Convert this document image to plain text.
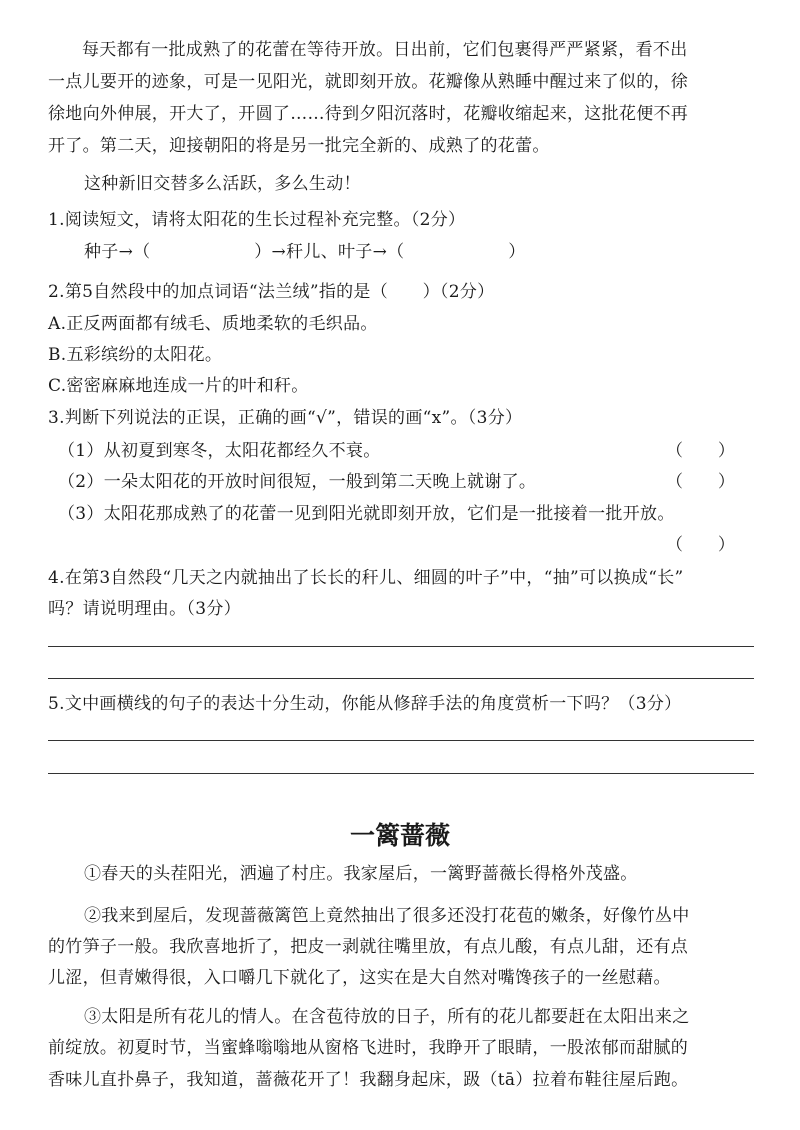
每天都有一批成熟了的花蕾在等待开放。日出前，它们包裹得严严紧紧，看不出
一点儿要开的迹象，可是一见阳光，就即刻开放。花瓣像从熟睡中醒过来了似的，徐
徐地向外伸展，开大了，开圆了……待到夕阳沉落时，花瓣收缩起来，这批花便不再
开了。第二天，迎接朝阳的将是另一批完全新的、成熟了的花蕾。
这种新旧交替多么活跃，多么生动！
1.阅读短文，请将太阳花的生长过程补充完整。（2分）
种子→（　　　　　　）→秆儿、叶子→（　　　　　　）
2.第5自然段中的加点词语“法兰绒”指的是（　　）（2分）
A.正反两面都有绒毛、质地柔软的毛织品。
B.五彩缤纷的太阳花。
C.密密麻麻地连成一片的叶和秆。
3.判断下列说法的正误，正确的画“√”，错误的画“x”。（3分）
（1）从初夏到寒冬，太阳花都经久不衰。	（　　）
（2）一朵太阳花的开放时间很短，一般到第二天晚上就谢了。	（　　）
（3）太阳花那成熟了的花蕾一见到阳光就即刻开放，它们是一批接着一批开放。
（　　）
4.在第3自然段“几天之内就抽出了长长的秆儿、细圆的叶子”中，“抽”可以换成“长”
吗？请说明理由。（3分）
5.文中画横线的句子的表达十分生动，你能从修辞手法的角度赏析一下吗？（3分）
一篱蔷薇
①春天的头茬阳光，洒遍了村庄。我家屋后，一篱野蔷薇长得格外茂盛。
②我来到屋后，发现蔷薇篱笆上竟然抽出了很多还没打花苞的嫩条，好像竹丛中
的竹笋子一般。我欣喜地折了，把皮一剥就往嘴里放，有点儿酸，有点儿甜，还有点
儿涩，但青嫩得很，入口嚼几下就化了，这实在是大自然对嘴馋孩子的一丝慰藉。
③太阳是所有花儿的情人。在含苞待放的日子，所有的花儿都要赶在太阳出来之
前绽放。初夏时节，当蜜蜂嗡嗡地从窗格飞进时，我睁开了眼睛，一股浓郁而甜腻的
香味儿直扑鼻子，我知道，蔷薇花开了！我翻身起床，趿（tā）拉着布鞋往屋后跑。
